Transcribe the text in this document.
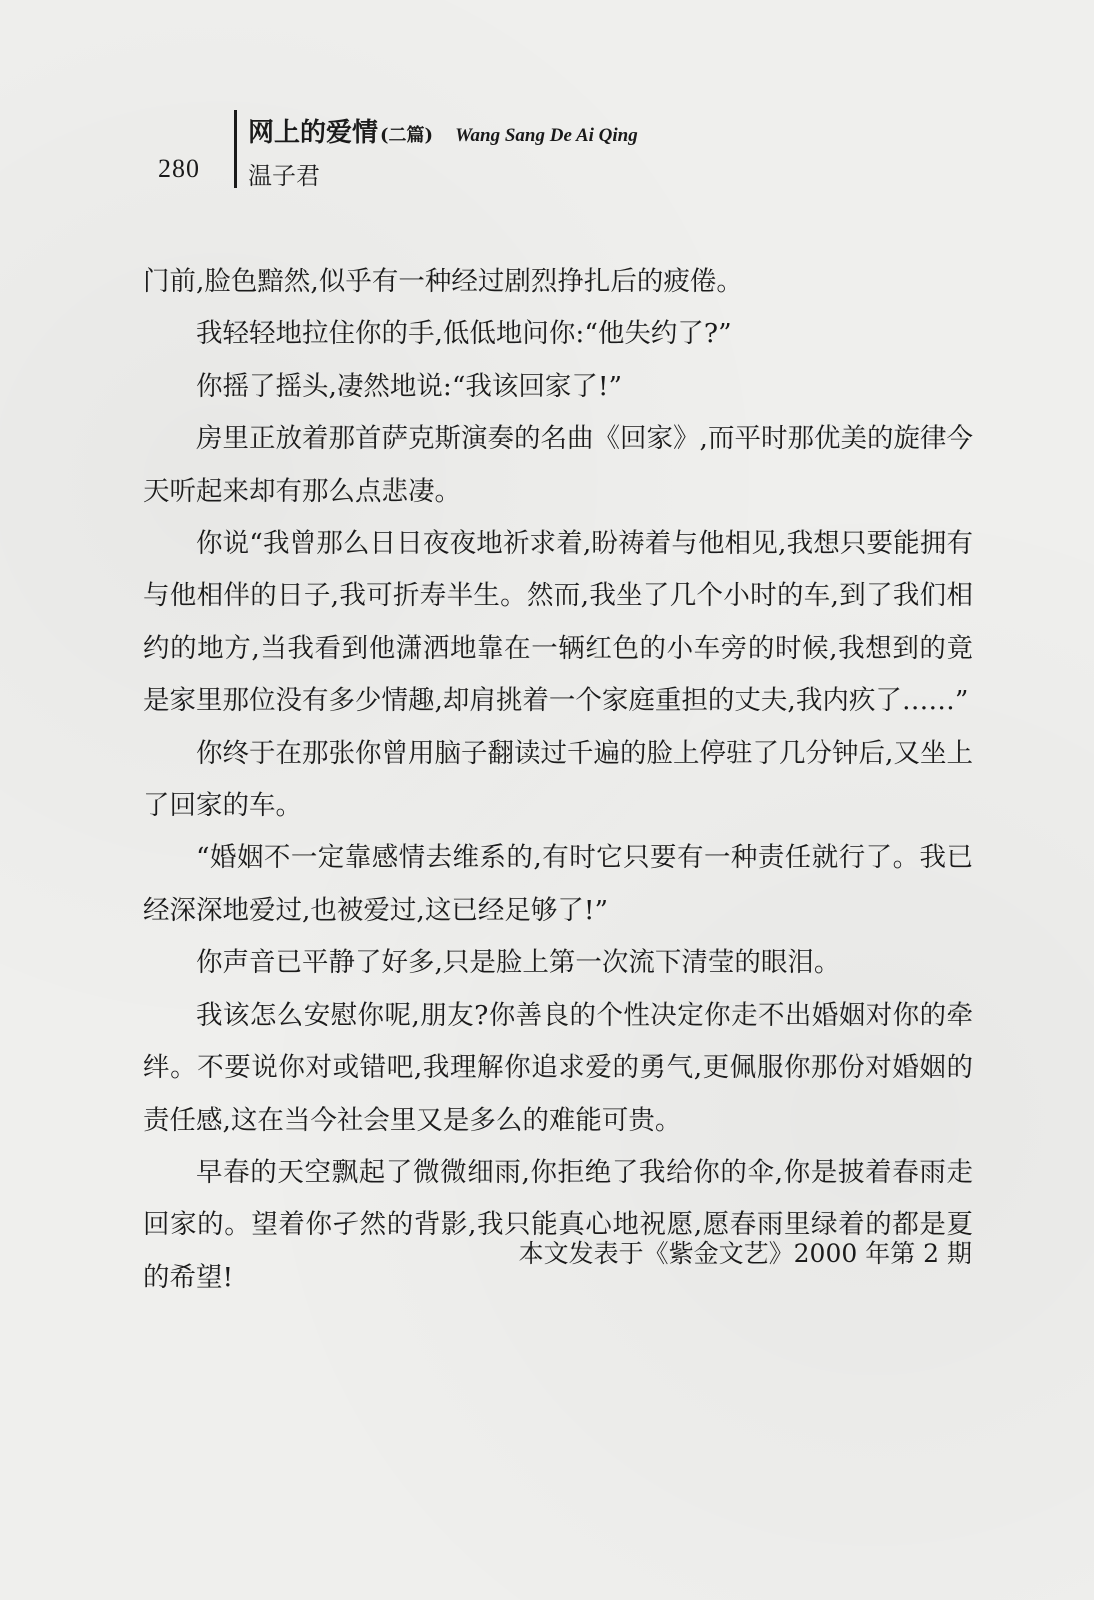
280
网上的爱情 (二篇) Wang Sang De Ai Qing
温子君

门前,脸色黯然,似乎有一种经过剧烈挣扎后的疲倦。

我轻轻地拉住你的手,低低地问你:“他失约了?”

你摇了摇头,凄然地说:“我该回家了!”

房里正放着那首萨克斯演奏的名曲《回家》,而平时那优美的旋律今天听起来却有那么点悲凄。

你说“我曾那么日日夜夜地祈求着,盼祷着与他相见,我想只要能拥有与他相伴的日子,我可折寿半生。然而,我坐了几个小时的车,到了我们相约的地方,当我看到他潇洒地靠在一辆红色的小车旁的时候,我想到的竟是家里那位没有多少情趣,却肩挑着一个家庭重担的丈夫,我内疚了……”

你终于在那张你曾用脑子翻读过千遍的脸上停驻了几分钟后,又坐上了回家的车。

“婚姻不一定靠感情去维系的,有时它只要有一种责任就行了。我已经深深地爱过,也被爱过,这已经足够了!”

你声音已平静了好多,只是脸上第一次流下清莹的眼泪。

我该怎么安慰你呢,朋友?你善良的个性决定你走不出婚姻对你的牵绊。不要说你对或错吧,我理解你追求爱的勇气,更佩服你那份对婚姻的责任感,这在当今社会里又是多么的难能可贵。

早春的天空飘起了微微细雨,你拒绝了我给你的伞,你是披着春雨走回家的。望着你孑然的背影,我只能真心地祝愿,愿春雨里绿着的都是夏的希望!

本文发表于《紫金文艺》2000 年第 2 期
